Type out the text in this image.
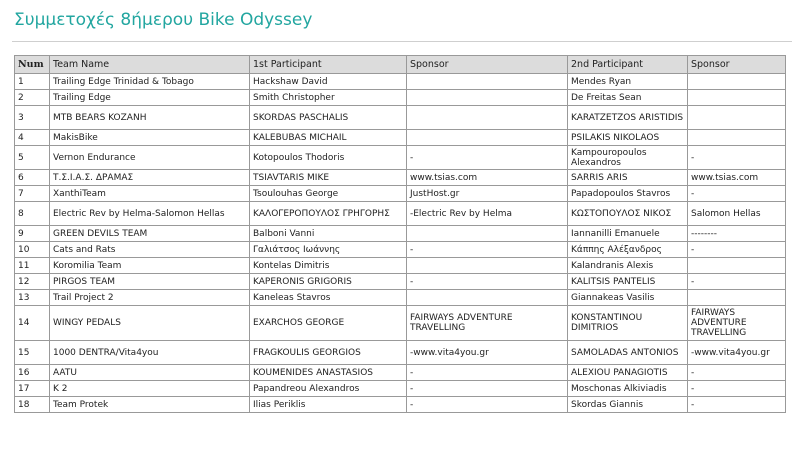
Συμμετοχές 8ήμερου Bike Odyssey
Num	Team Name	1st Participant	Sponsor	2nd Participant	Sponsor
1	Trailing Edge Trinidad & Tobago	Hackshaw David		Mendes Ryan	
2	Trailing Edge	Smith Christopher		De Freitas Sean	
3	MTB BEARS KOZANH	SKORDAS PASCHALIS		KARATZETZOS ARISTIDIS	
4	MakisBike	KALEBUBAS MICHAIL		PSILAKIS NIKOLAOS	
5	Vernon Endurance	Kotopoulos Thodoris	-	Kampouropoulos Alexandros	-
6	Τ.Σ.Ι.Α.Σ. ΔΡΑΜΑΣ	TSIAVTARIS MIKE	www.tsias.com	SARRIS ARIS	www.tsias.com
7	XanthiTeam	Tsoulouhas George	JustHost.gr	Papadopoulos Stavros	-
8	Electric Rev by Helma-Salomon Hellas	ΚΑΛΟΓΕΡΟΠΟΥΛΟΣ ΓΡΗΓΟΡΗΣ	-Electric Rev by Helma	ΚΩΣΤΟΠΟΥΛΟΣ ΝΙΚΟΣ	Salomon Hellas
9	GREEN DEVILS TEAM	Balboni Vanni		Iannanilli Emanuele	--------
10	Cats and Rats	Γαλιάτσος Ιωάννης	-	Κάππης Αλέξανδρος	-
11	Koromilia Team	Kontelas Dimitris		Kalandranis Alexis	
12	PIRGOS TEAM	KAPERONIS GRIGORIS	-	KALITSIS PANTELIS	-
13	Trail Project 2	Kaneleas Stavros		Giannakeas Vasilis	
14	WINGY PEDALS	EXARCHOS GEORGE	FAIRWAYS ADVENTURE TRAVELLING	KONSTANTINOU DIMITRIOS	FAIRWAYS ADVENTURE TRAVELLING
15	1000 DENTRA/Vita4you	FRAGKOULIS GEORGIOS	-www.vita4you.gr	SAMOLADAS ANTONIOS	-www.vita4you.gr
16	AATU	KOUMENIDES ANASTASIOS	-	ALEXIOU PANAGIOTIS	-
17	K 2	Papandreou Alexandros	-	Moschonas Alkiviadis	-
18	Team Protek	Ilias Periklis	-	Skordas Giannis	-
